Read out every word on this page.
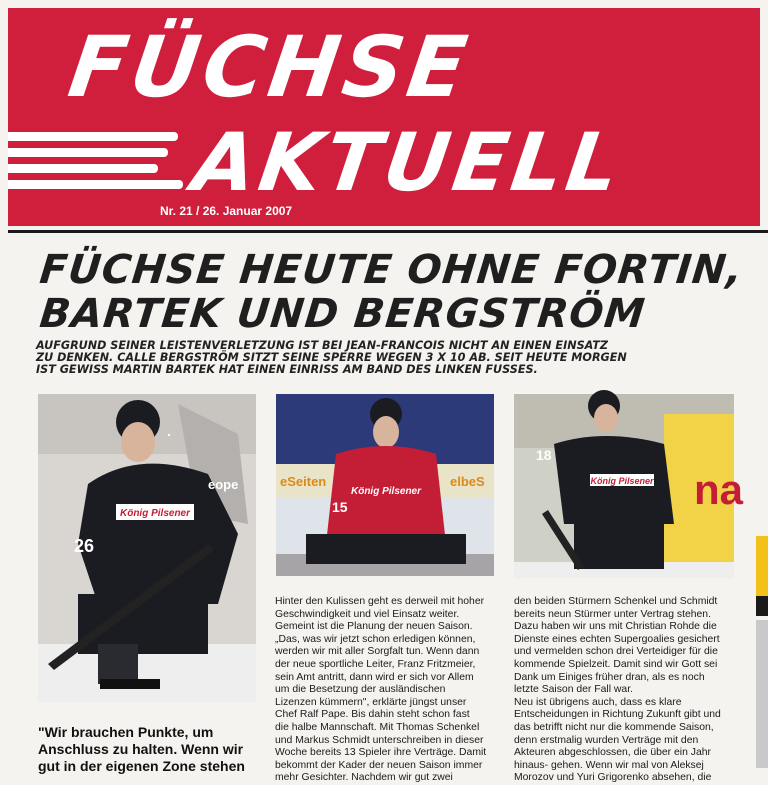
FÜCHSE
AKTUELL
Nr. 21 / 26. Januar 2007
FÜCHSE HEUTE OHNE FORTIN,
BARTEK UND BERGSTRÖM
AUFGRUND SEINER LEISTENVERLETZUNG IST BEI JEAN-FRANCOIS NICHT AN EINEN EINSATZ
ZU DENKEN. CALLE BERGSTRÖM SITZT SEINE SPERRE WEGEN 3 X 10 AB. SEIT HEUTE MORGEN
IST GEWISS MARTIN BARTEK HAT EINEN EINRISS AM BAND DES LINKEN FUSSES.
König Pilsener
eope
26
eSeiten	elbeS
König Pilsener
15
König Pilsener
18
na
Hinter den Kulissen geht es derweil mit hoher
Geschwindigkeit und viel Einsatz weiter.
Gemeint ist die Planung der neuen Saison.
„Das, was wir jetzt schon erledigen können,
werden wir mit aller Sorgfalt tun. Wenn dann
der neue sportliche Leiter, Franz Fritzmeier,
sein Amt antritt, dann wird er sich vor Allem
um die Besetzung der ausländischen
Lizenzen kümmern", erklärte jüngst unser
Chef Ralf Pape. Bis dahin steht schon fast
die halbe Mannschaft. Mit Thomas Schenkel
und Markus Schmidt unterschreiben in dieser
Woche bereits 13 Spieler ihre Verträge. Damit
bekommt der Kader der neuen Saison immer
mehr Gesichter. Nachdem wir gut zwei
den beiden Stürmern Schenkel und Schmidt
bereits neun Stürmer unter Vertrag stehen.
Dazu haben wir uns mit Christian Rohde die
Dienste eines echten Supergoalies gesichert
und vermelden schon drei Verteidiger für die
kommende Spielzeit. Damit sind wir Gott sei
Dank um Einiges früher dran, als es noch
letzte Saison der Fall war.
Neu ist übrigens auch, dass es klare
Entscheidungen in Richtung Zukunft gibt und
das betrifft nicht nur die kommende Saison,
denn erstmalig wurden Verträge mit den
Akteuren abgeschlossen, die über ein Jahr
hinaus- gehen. Wenn wir mal von Aleksej
Morozov und Yuri Grigorenko absehen, die
"Wir brauchen Punkte, um
Anschluss zu halten. Wenn wir
gut in der eigenen Zone stehen
